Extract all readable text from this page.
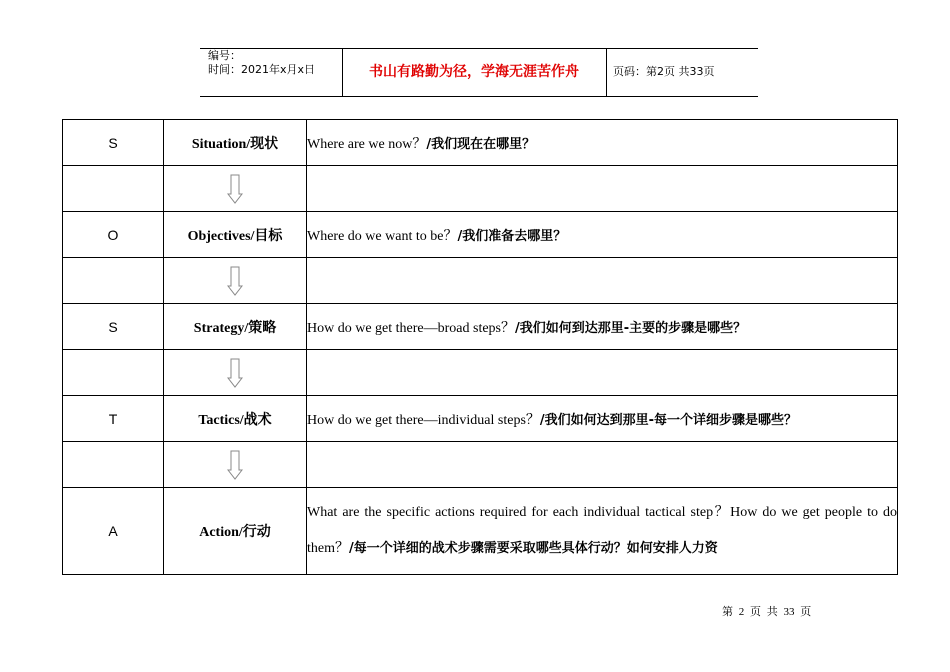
编号：
时间：2021年x月x日	书山有路勤为径，学海无涯苦作舟	页码：第2页 共33页
S	Situation/现状	Where are we now？/我们现在在哪里？

O	Objectives/目标	Where do we want to be？/我们准备去哪里？

S	Strategy/策略	How do we get there—broad steps？/我们如何到达那里-主要的步骤是哪些？

T	Tactics/战术	How do we get there—individual steps？/我们如何达到那里-每一个详细步骤是哪些？

A	Action/行动	What are the specific actions required for each individual tactical step？How do we get people to do them？/每一个详细的战术步骤需要采取哪些具体行动？如何安排人力资
第 2 页 共 33 页
